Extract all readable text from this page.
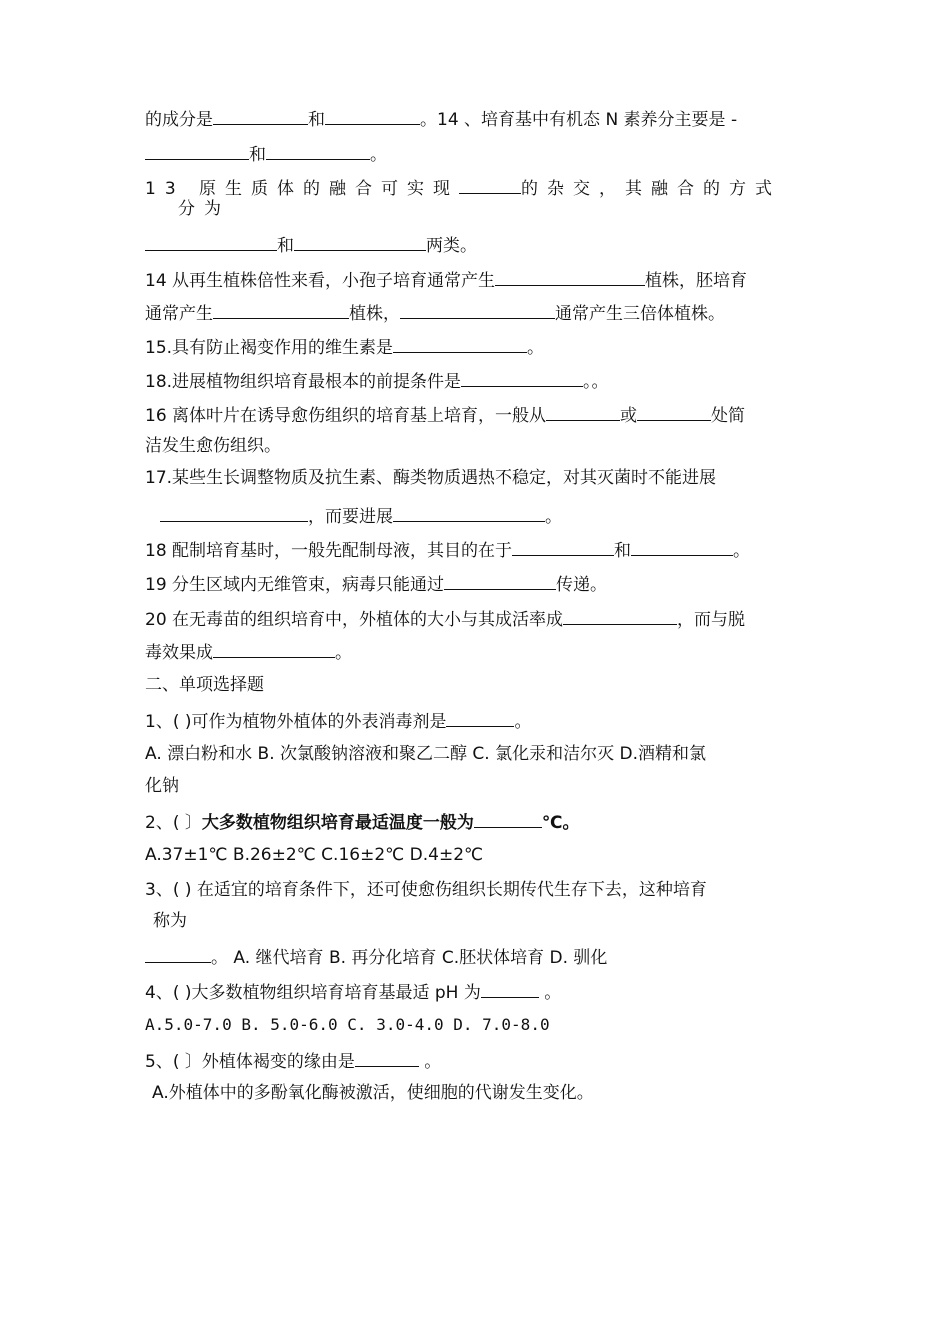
的成分是	和	。14 、培育基中有机态 N 素养分主要是 -
和	。
13 原生质体的融合可实现	的杂交，其融合的方式
分为
和	两类。
14 从再生植株倍性来看，小孢子培育通常产生	植株，胚培育
通常产生	植株，	通常产生三倍体植株。
15.具有防止褐变作用的维生素是	。
18.进展植物组织培育最根本的前提条件是	。。
16 离体叶片在诱导愈伤组织的培育基上培育，一般从	或	处简
洁发生愈伤组织。
17.某些生长调整物质及抗生素、酶类物质遇热不稳定，对其灭菌时不能进展
，而要进展	。
18 配制培育基时，一般先配制母液，其目的在于	和	。
19 分生区域内无维管束，病毒只能通过	传递。
20 在无毒苗的组织培育中，外植体的大小与其成活率成	，而与脱
毒效果成	。
二、单项选择题
1、( )可作为植物外植体的外表消毒剂是	。
A. 漂白粉和水 B. 次氯酸钠溶液和聚乙二醇 C. 氯化汞和洁尔灭 D.酒精和氯
化钠
2、( 〕大多数植物组织培育最适温度一般为	℃。
A.37±1℃ B.26±2℃ C.16±2℃ D.4±2℃
3、( ) 在适宜的培育条件下，还可使愈伤组织长期传代生存下去，这种培育
称为
。 A. 继代培育 B. 再分化培育 C.胚状体培育 D. 驯化
4、( )大多数植物组织培育培育基最适 pH 为	。
A.5.0-7.0 B. 5.0-6.0 C. 3.0-4.0 D. 7.0-8.0
5、( 〕外植体褐变的缘由是	。
A.外植体中的多酚氧化酶被激活，使细胞的代谢发生变化。
